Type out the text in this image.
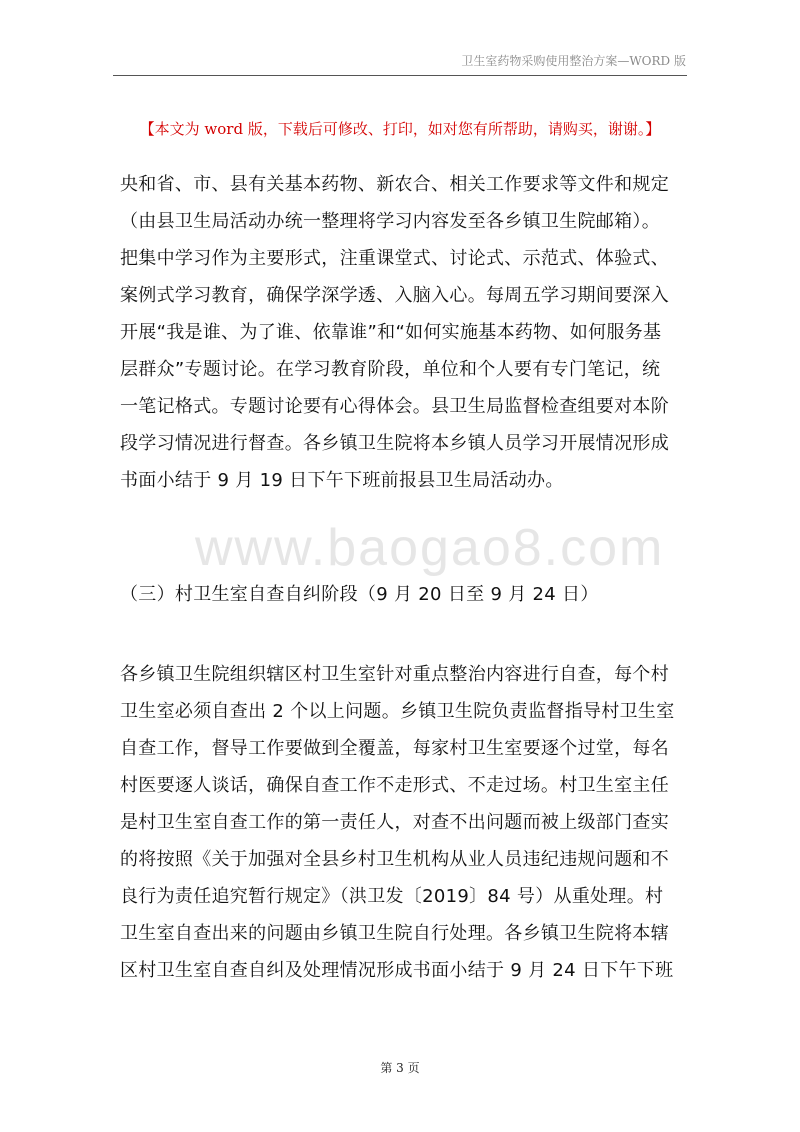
卫生室药物采购使用整治方案—WORD 版
【本文为 word 版，下载后可修改、打印，如对您有所帮助，请购买，谢谢。】
央和省、市、县有关基本药物、新农合、相关工作要求等文件和规定
（由县卫生局活动办统一整理将学习内容发至各乡镇卫生院邮箱）。
把集中学习作为主要形式，注重课堂式、讨论式、示范式、体验式、
案例式学习教育，确保学深学透、入脑入心。每周五学习期间要深入
开展“我是谁、为了谁、依靠谁”和“如何实施基本药物、如何服务基
层群众”专题讨论。在学习教育阶段，单位和个人要有专门笔记，统
一笔记格式。专题讨论要有心得体会。县卫生局监督检查组要对本阶
段学习情况进行督查。各乡镇卫生院将本乡镇人员学习开展情况形成
书面小结于 9 月 19 日下午下班前报县卫生局活动办。
www.baogao8.com
（三）村卫生室自查自纠阶段（9 月 20 日至 9 月 24 日）
各乡镇卫生院组织辖区村卫生室针对重点整治内容进行自查，每个村
卫生室必须自查出 2 个以上问题。乡镇卫生院负责监督指导村卫生室
自查工作，督导工作要做到全覆盖，每家村卫生室要逐个过堂，每名
村医要逐人谈话，确保自查工作不走形式、不走过场。村卫生室主任
是村卫生室自查工作的第一责任人，对查不出问题而被上级部门查实
的将按照《关于加强对全县乡村卫生机构从业人员违纪违规问题和不
良行为责任追究暂行规定》（洪卫发〔2019〕84 号）从重处理。村
卫生室自查出来的问题由乡镇卫生院自行处理。各乡镇卫生院将本辖
区村卫生室自查自纠及处理情况形成书面小结于 9 月 24 日下午下班
第 3 页
